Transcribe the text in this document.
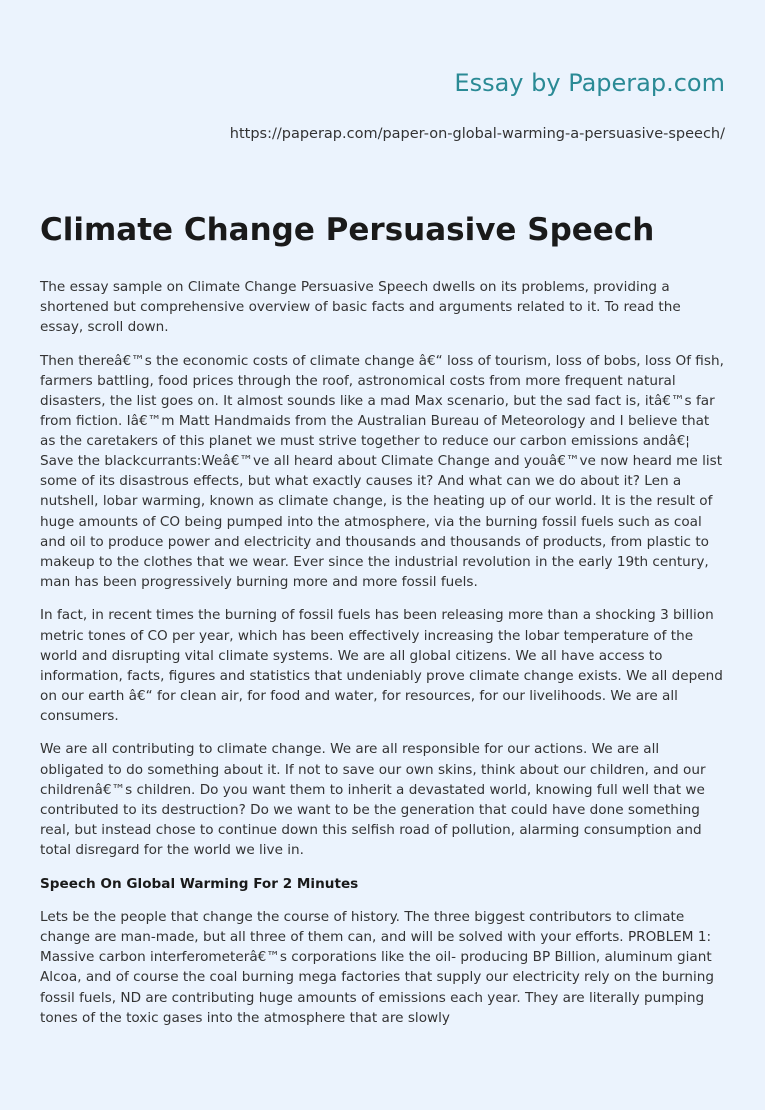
Essay by Paperap.com
https://paperap.com/paper-on-global-warming-a-persuasive-speech/
Climate Change Persuasive Speech

The essay sample on Climate Change Persuasive Speech dwells on its problems, providing a shortened but comprehensive overview of basic facts and arguments related to it. To read the essay, scroll down.

Then thereâ€™s the economic costs of climate change â€“ loss of tourism, loss of bobs, loss Of fish, farmers battling, food prices through the roof, astronomical costs from more frequent natural disasters, the list goes on. It almost sounds like a mad Max scenario, but the sad fact is, itâ€™s far from fiction. Iâ€™m Matt Handmaids from the Australian Bureau of Meteorology and I believe that as the caretakers of this planet we must strive together to reduce our carbon emissions andâ€¦ Save the blackcurrants:Weâ€™ve all heard about Climate Change and youâ€™ve now heard me list some of its disastrous effects, but what exactly causes it? And what can we do about it? Len a nutshell, lobar warming, known as climate change, is the heating up of our world. It is the result of huge amounts of CO being pumped into the atmosphere, via the burning fossil fuels such as coal and oil to produce power and electricity and thousands and thousands of products, from plastic to makeup to the clothes that we wear. Ever since the industrial revolution in the early 19th century, man has been progressively burning more and more fossil fuels.

In fact, in recent times the burning of fossil fuels has been releasing more than a shocking 3 billion metric tones of CO per year, which has been effectively increasing the lobar temperature of the world and disrupting vital climate systems. We are all global citizens. We all have access to information, facts, figures and statistics that undeniably prove climate change exists. We all depend on our earth â€“ for clean air, for food and water, for resources, for our livelihoods. We are all consumers.

We are all contributing to climate change. We are all responsible for our actions. We are all obligated to do something about it. If not to save our own skins, think about our children, and our childrenâ€™s children. Do you want them to inherit a devastated world, knowing full well that we contributed to its destruction? Do we want to be the generation that could have done something real, but instead chose to continue down this selfish road of pollution, alarming consumption and total disregard for the world we live in.

Speech On Global Warming For 2 Minutes

Lets be the people that change the course of history. The three biggest contributors to climate change are man-made, but all three of them can, and will be solved with your efforts. PROBLEM 1: Massive carbon interferometerâ€™s corporations like the oil- producing BP Billion, aluminum giant Alcoa, and of course the coal burning mega factories that supply our electricity rely on the burning fossil fuels, ND are contributing huge amounts of emissions each year. They are literally pumping tones of the toxic gases into the atmosphere that are slowly
